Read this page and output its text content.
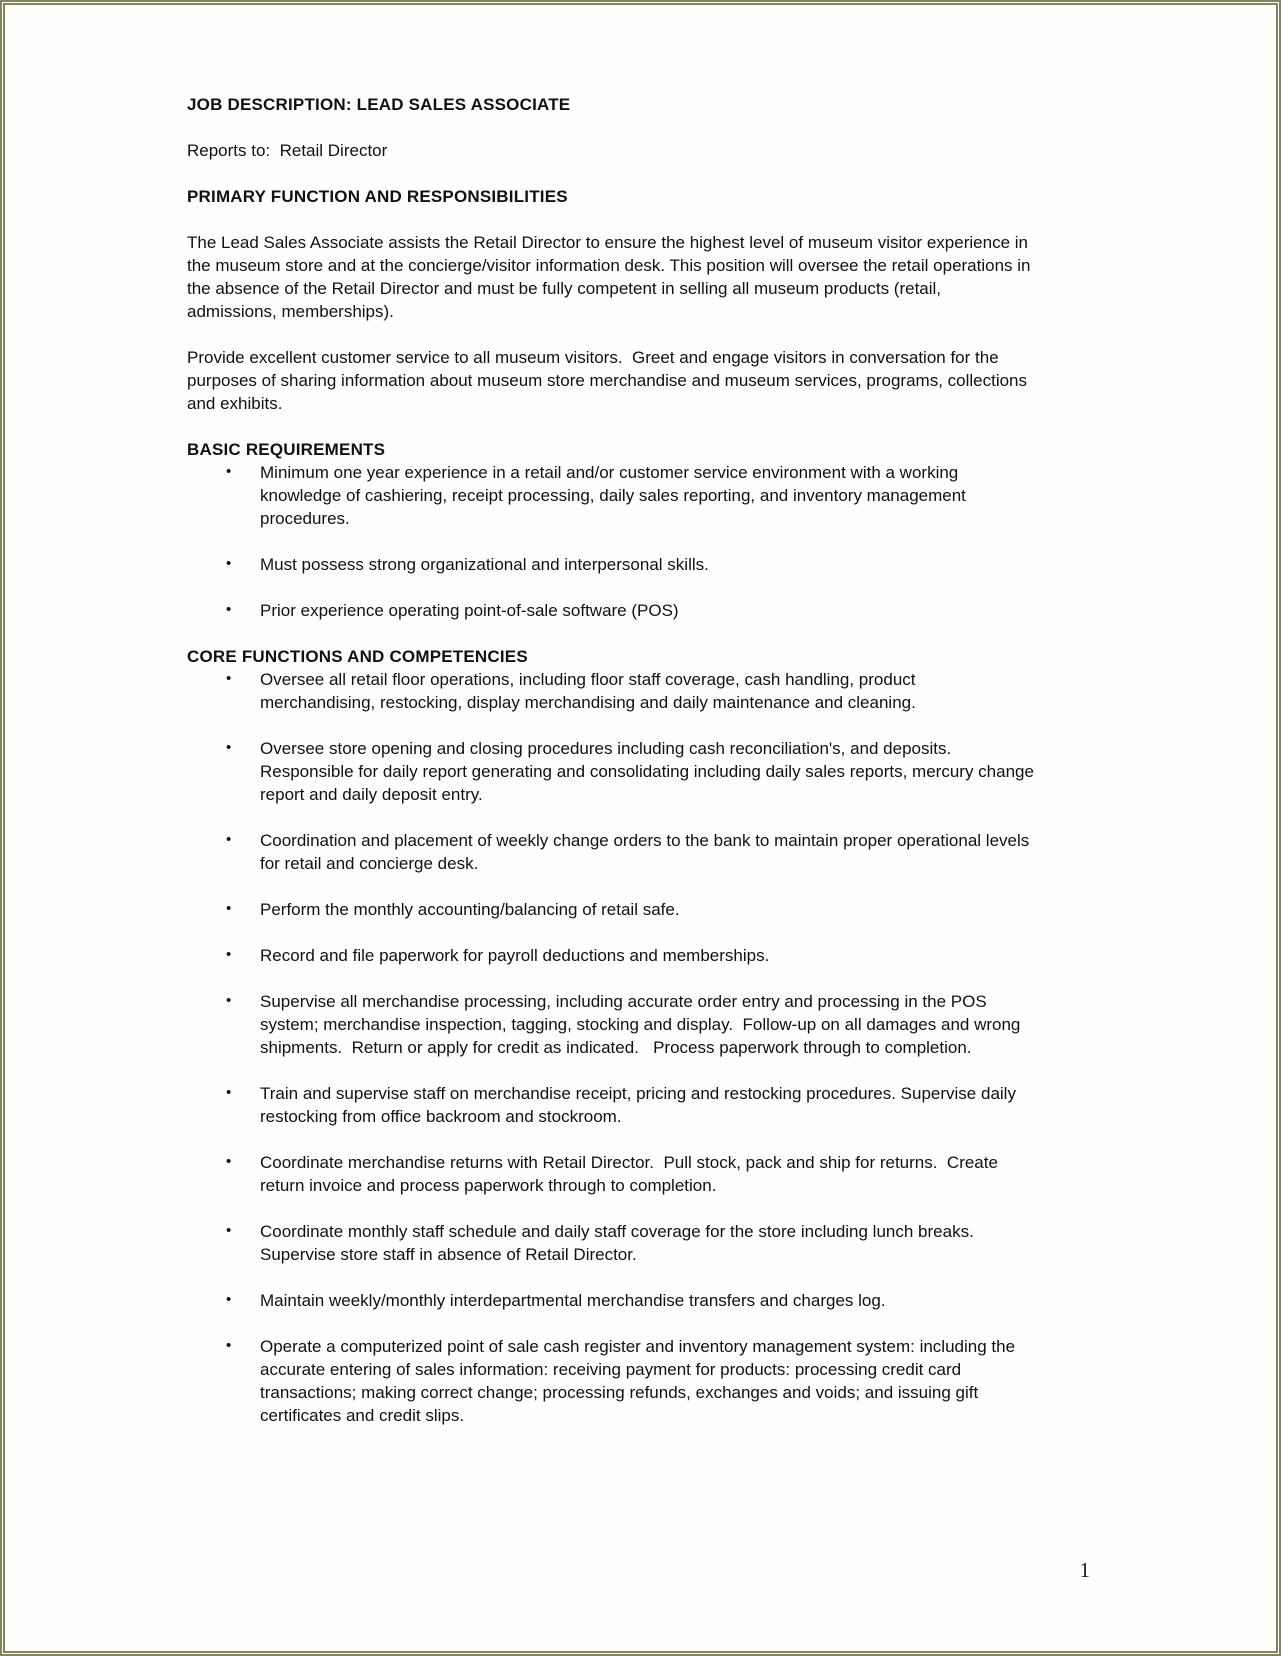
JOB DESCRIPTION: LEAD SALES ASSOCIATE

Reports to:  Retail Director

PRIMARY FUNCTION AND RESPONSIBILITIES

The Lead Sales Associate assists the Retail Director to ensure the highest level of museum visitor experience in the museum store and at the concierge/visitor information desk. This position will oversee the retail operations in the absence of the Retail Director and must be fully competent in selling all museum products (retail, admissions, memberships).

Provide excellent customer service to all museum visitors.  Greet and engage visitors in conversation for the purposes of sharing information about museum store merchandise and museum services, programs, collections and exhibits.

BASIC REQUIREMENTS
• Minimum one year experience in a retail and/or customer service environment with a working knowledge of cashiering, receipt processing, daily sales reporting, and inventory management procedures.
• Must possess strong organizational and interpersonal skills.
• Prior experience operating point-of-sale software (POS)
CORE FUNCTIONS AND COMPETENCIES
• Oversee all retail floor operations, including floor staff coverage, cash handling, product merchandising, restocking, display merchandising and daily maintenance and cleaning.
• Oversee store opening and closing procedures including cash reconciliation's, and deposits. Responsible for daily report generating and consolidating including daily sales reports, mercury change report and daily deposit entry.
• Coordination and placement of weekly change orders to the bank to maintain proper operational levels for retail and concierge desk.
• Perform the monthly accounting/balancing of retail safe.
• Record and file paperwork for payroll deductions and memberships.
• Supervise all merchandise processing, including accurate order entry and processing in the POS system; merchandise inspection, tagging, stocking and display.  Follow-up on all damages and wrong shipments.  Return or apply for credit as indicated.   Process paperwork through to completion.
• Train and supervise staff on merchandise receipt, pricing and restocking procedures. Supervise daily restocking from office backroom and stockroom.
• Coordinate merchandise returns with Retail Director.  Pull stock, pack and ship for returns.  Create return invoice and process paperwork through to completion.
• Coordinate monthly staff schedule and daily staff coverage for the store including lunch breaks.  Supervise store staff in absence of Retail Director.
• Maintain weekly/monthly interdepartmental merchandise transfers and charges log.
• Operate a computerized point of sale cash register and inventory management system: including the accurate entering of sales information: receiving payment for products: processing credit card transactions; making correct change; processing refunds, exchanges and voids; and issuing gift certificates and credit slips.
1
